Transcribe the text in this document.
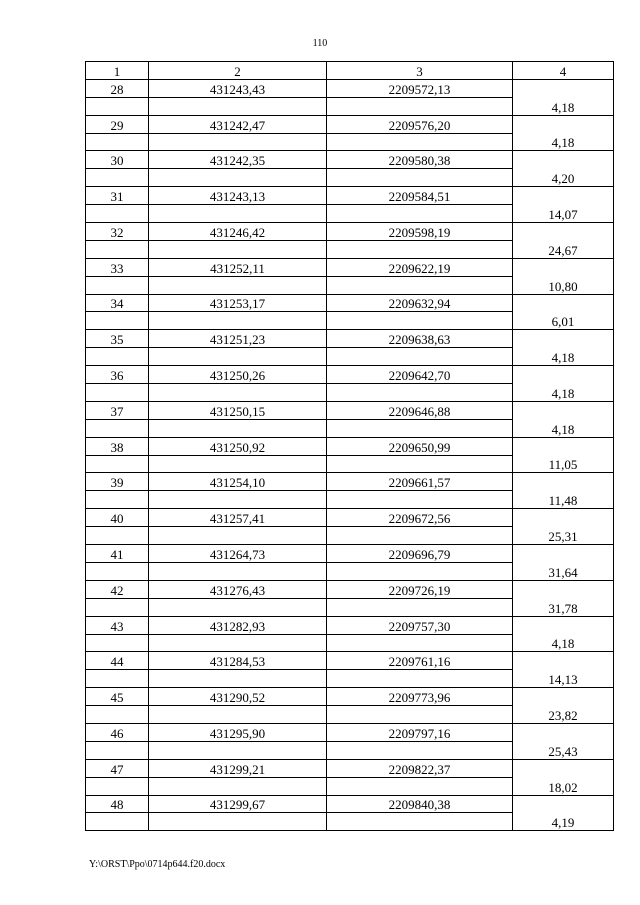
110
1	2	3	4
28	431243,43	2209572,13	
			4,18
29	431242,47	2209576,20	
			4,18
30	431242,35	2209580,38	
			4,20
31	431243,13	2209584,51	
			14,07
32	431246,42	2209598,19	
			24,67
33	431252,11	2209622,19	
			10,80
34	431253,17	2209632,94	
			6,01
35	431251,23	2209638,63	
			4,18
36	431250,26	2209642,70	
			4,18
37	431250,15	2209646,88	
			4,18
38	431250,92	2209650,99	
			11,05
39	431254,10	2209661,57	
			11,48
40	431257,41	2209672,56	
			25,31
41	431264,73	2209696,79	
			31,64
42	431276,43	2209726,19	
			31,78
43	431282,93	2209757,30	
			4,18
44	431284,53	2209761,16	
			14,13
45	431290,52	2209773,96	
			23,82
46	431295,90	2209797,16	
			25,43
47	431299,21	2209822,37	
			18,02
48	431299,67	2209840,38	
			4,19
Y:\ORST\Ppo\0714p644.f20.docx
